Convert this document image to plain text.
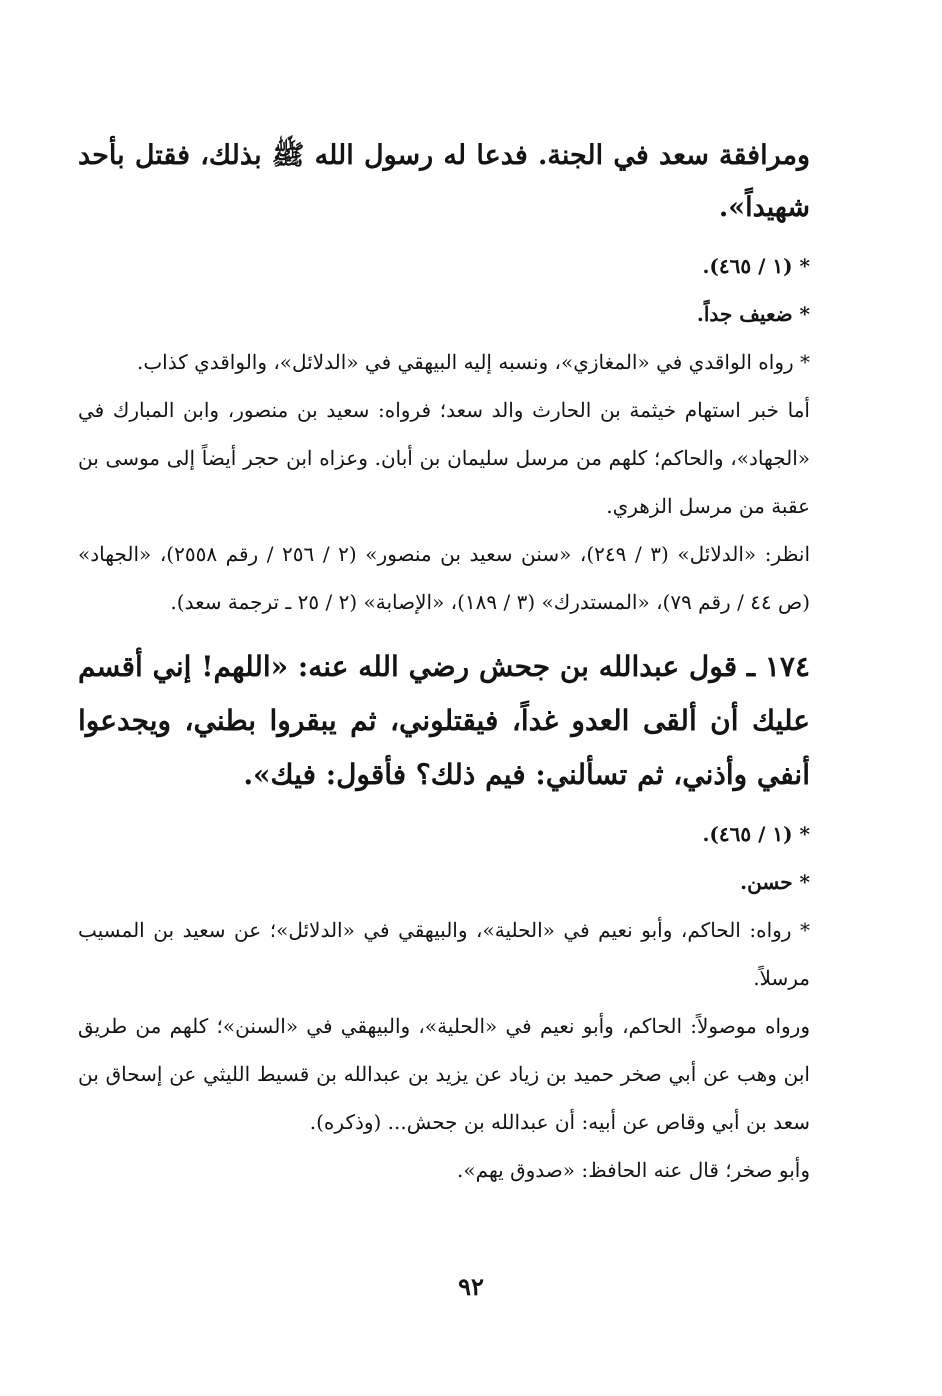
ومرافقة سعد في الجنة. فدعا له رسول الله ﷺ بذلك، فقتل بأحد شهيداً».

* (١ / ٤٦٥).

* ضعيف جداً.

* رواه الواقدي في «المغازي»، ونسبه إليه البيهقي في «الدلائل»، والواقدي كذاب.

أما خبر استهام خيثمة بن الحارث والد سعد؛ فرواه: سعيد بن منصور، وابن المبارك في «الجهاد»، والحاكم؛ كلهم من مرسل سليمان بن أبان. وعزاه ابن حجر أيضاً إلى موسى بن عقبة من مرسل الزهري.

انظر: «الدلائل» (٣ / ٢٤٩)، «سنن سعيد بن منصور» (٢ / ٢٥٦ / رقم ٢٥٥٨)، «الجهاد» (ص ٤٤ / رقم ٧٩)، «المستدرك» (٣ / ١٨٩)، «الإصابة» (٢ / ٢٥ ـ ترجمة سعد).

١٧٤ ـ قول عبدالله بن جحش رضي الله عنه: «اللهم! إني أقسم عليك أن ألقى العدو غداً، فيقتلوني، ثم يبقروا بطني، ويجدعوا أنفي وأذني، ثم تسألني: فيم ذلك؟ فأقول: فيك».

* (١ / ٤٦٥).

* حسن.

* رواه: الحاكم، وأبو نعيم في «الحلية»، والبيهقي في «الدلائل»؛ عن سعيد بن المسيب مرسلاً.

ورواه موصولاً: الحاكم، وأبو نعيم في «الحلية»، والبيهقي في «السنن»؛ كلهم من طريق ابن وهب عن أبي صخر حميد بن زياد عن يزيد بن عبدالله بن قسيط الليثي عن إسحاق بن سعد بن أبي وقاص عن أبيه: أن عبدالله بن جحش... (وذكره).

وأبو صخر؛ قال عنه الحافظ: «صدوق يهم».

٩٢
